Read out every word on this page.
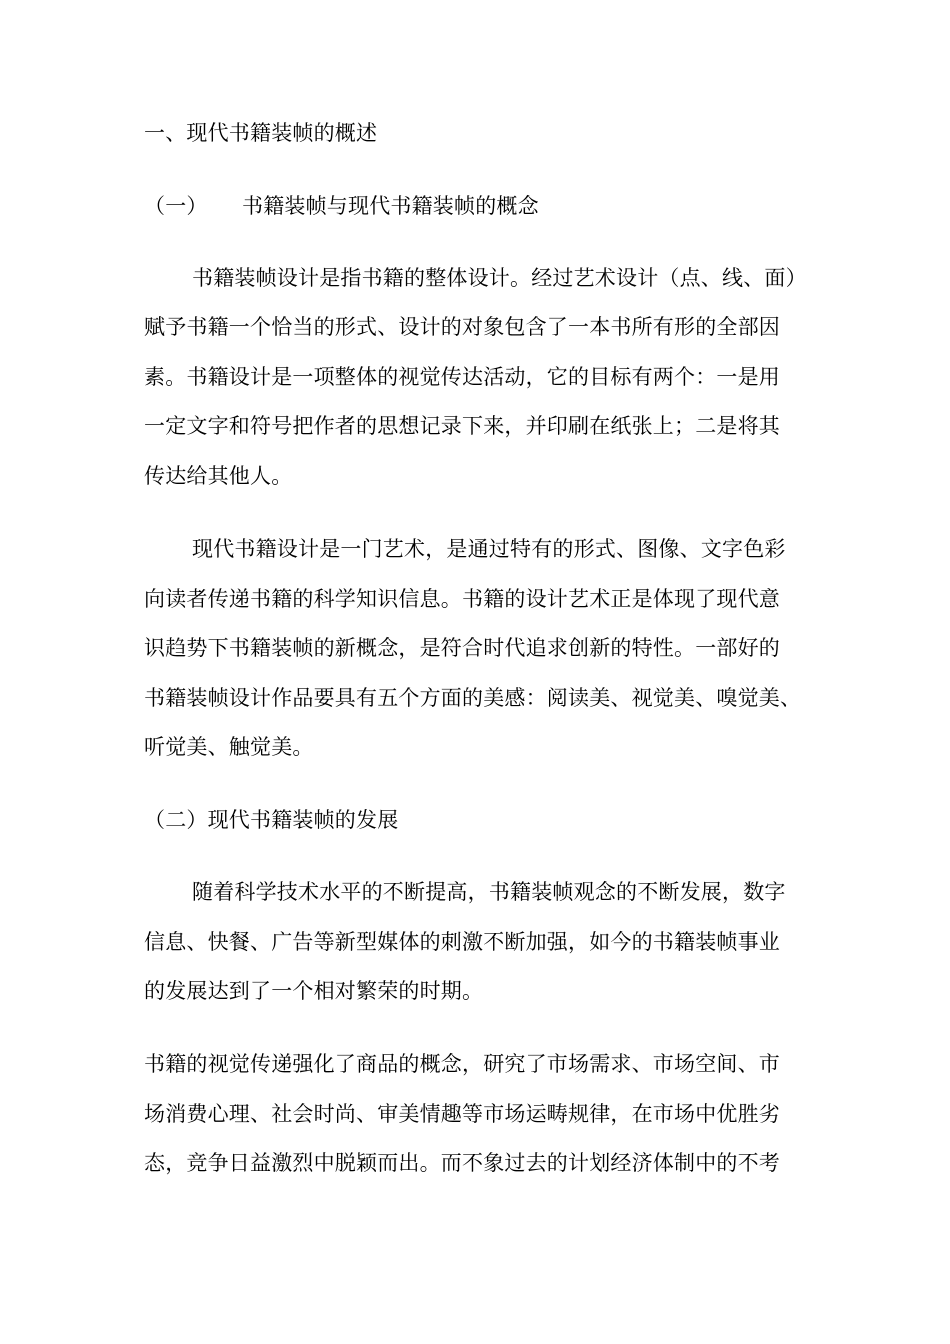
一、现代书籍装帧的概述
（一） 书籍装帧与现代书籍装帧的概念
书籍装帧设计是指书籍的整体设计。经过艺术设计（点、线、面）
赋予书籍一个恰当的形式、设计的对象包含了一本书所有形的全部因
素。书籍设计是一项整体的视觉传达活动，它的目标有两个：一是用
一定文字和符号把作者的思想记录下来，并印刷在纸张上；二是将其
传达给其他人。
现代书籍设计是一门艺术，是通过特有的形式、图像、文字色彩
向读者传递书籍的科学知识信息。书籍的设计艺术正是体现了现代意
识趋势下书籍装帧的新概念，是符合时代追求创新的特性。一部好的
书籍装帧设计作品要具有五个方面的美感：阅读美、视觉美、嗅觉美、
听觉美、触觉美。
（二）现代书籍装帧的发展
随着科学技术水平的不断提高，书籍装帧观念的不断发展，数字
信息、快餐、广告等新型媒体的刺激不断加强，如今的书籍装帧事业
的发展达到了一个相对繁荣的时期。
书籍的视觉传递强化了商品的概念，研究了市场需求、市场空间、市
场消费心理、社会时尚、审美情趣等市场运畴规律，在市场中优胜劣
态，竞争日益激烈中脱颖而出。而不象过去的计划经济体制中的不考
